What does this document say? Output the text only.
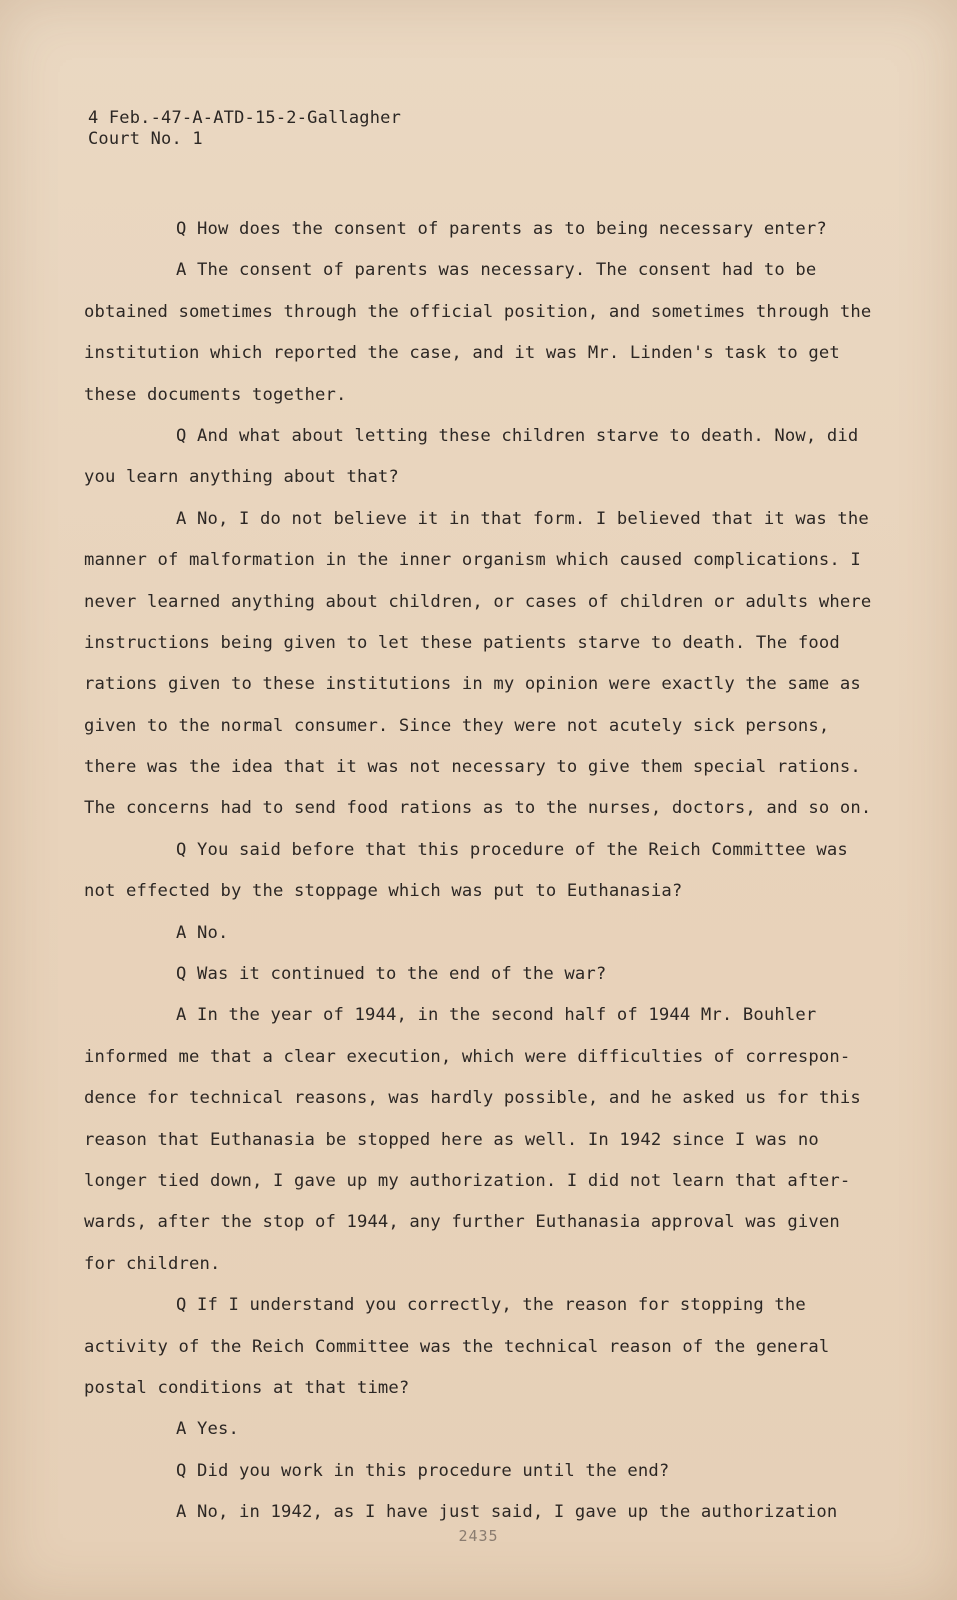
4 Feb.-47-A-ATD-15-2-Gallagher
Court No. 1
Q How does the consent of parents as to being necessary enter?
A The consent of parents was necessary. The consent had to be
obtained sometimes through the official position, and sometimes through the
institution which reported the case, and it was Mr. Linden's task to get
these documents together.
Q And what about letting these children starve to death. Now, did
you learn anything about that?
A No, I do not believe it in that form. I believed that it was the
manner of malformation in the inner organism which caused complications. I
never learned anything about children, or cases of children or adults where
instructions being given to let these patients starve to death. The food
rations given to these institutions in my opinion were exactly the same as
given to the normal consumer. Since they were not acutely sick persons,
there was the idea that it was not necessary to give them special rations.
The concerns had to send food rations as to the nurses, doctors, and so on.
Q You said before that this procedure of the Reich Committee was
not effected by the stoppage which was put to Euthanasia?
A No.
Q Was it continued to the end of the war?
A In the year of 1944, in the second half of 1944 Mr. Bouhler
informed me that a clear execution, which were difficulties of correspon-
dence for technical reasons, was hardly possible, and he asked us for this
reason that Euthanasia be stopped here as well. In 1942 since I was no
longer tied down, I gave up my authorization. I did not learn that after-
wards, after the stop of 1944, any further Euthanasia approval was given
for children.
Q If I understand you correctly, the reason for stopping the
activity of the Reich Committee was the technical reason of the general
postal conditions at that time?
A Yes.
Q Did you work in this procedure until the end?
A No, in 1942, as I have just said, I gave up the authorization
2435
